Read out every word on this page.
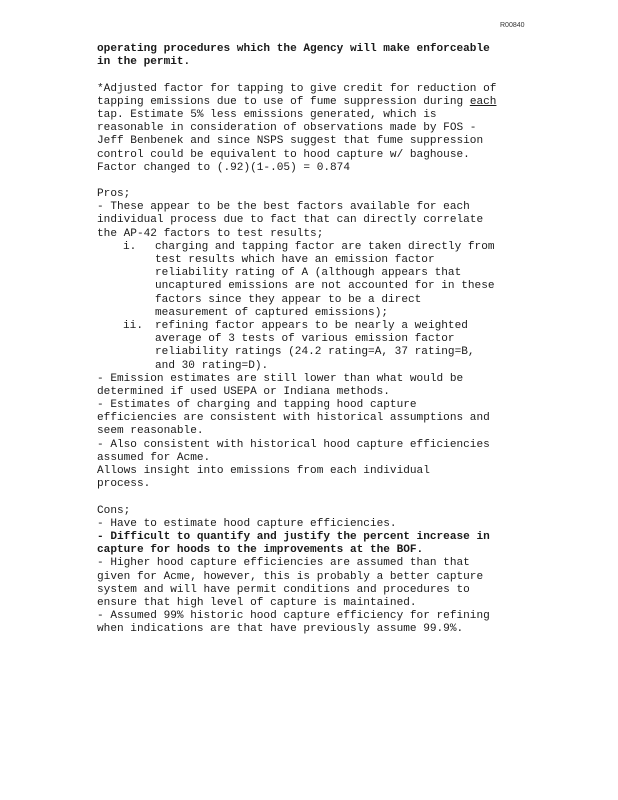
R00840
operating procedures which the Agency will make enforceable
in the permit.
*Adjusted factor for tapping to give credit for reduction of
tapping emissions due to use of fume suppression during each
tap. Estimate 5% less emissions generated, which is
reasonable in consideration of observations made by FOS -
Jeff Benbenek and since NSPS suggest that fume suppression
control could be equivalent to hood capture w/ baghouse.
Factor changed to (.92)(1-.05) = 0.874
Pros;
- These appear to be the best factors available for each
individual process due to fact that can directly correlate
the AP-42 factors to test results;
i. charging and tapping factor are taken directly from
test results which have an emission factor
reliability rating of A (although appears that
uncaptured emissions are not accounted for in these
factors since they appear to be a direct
measurement of captured emissions);
ii. refining factor appears to be nearly a weighted
average of 3 tests of various emission factor
reliability ratings (24.2 rating=A, 37 rating=B,
and 30 rating=D).
- Emission estimates are still lower than what would be
determined if used USEPA or Indiana methods.
- Estimates of charging and tapping hood capture
efficiencies are consistent with historical assumptions and
seem reasonable.
- Also consistent with historical hood capture efficiencies
assumed for Acme.
Allows insight into emissions from each individual
process.
Cons;
- Have to estimate hood capture efficiencies.
- Difficult to quantify and justify the percent increase in
capture for hoods to the improvements at the BOF.
- Higher hood capture efficiencies are assumed than that
given for Acme, however, this is probably a better capture
system and will have permit conditions and procedures to
ensure that high level of capture is maintained.
- Assumed 99% historic hood capture efficiency for refining
when indications are that have previously assume 99.9%.
